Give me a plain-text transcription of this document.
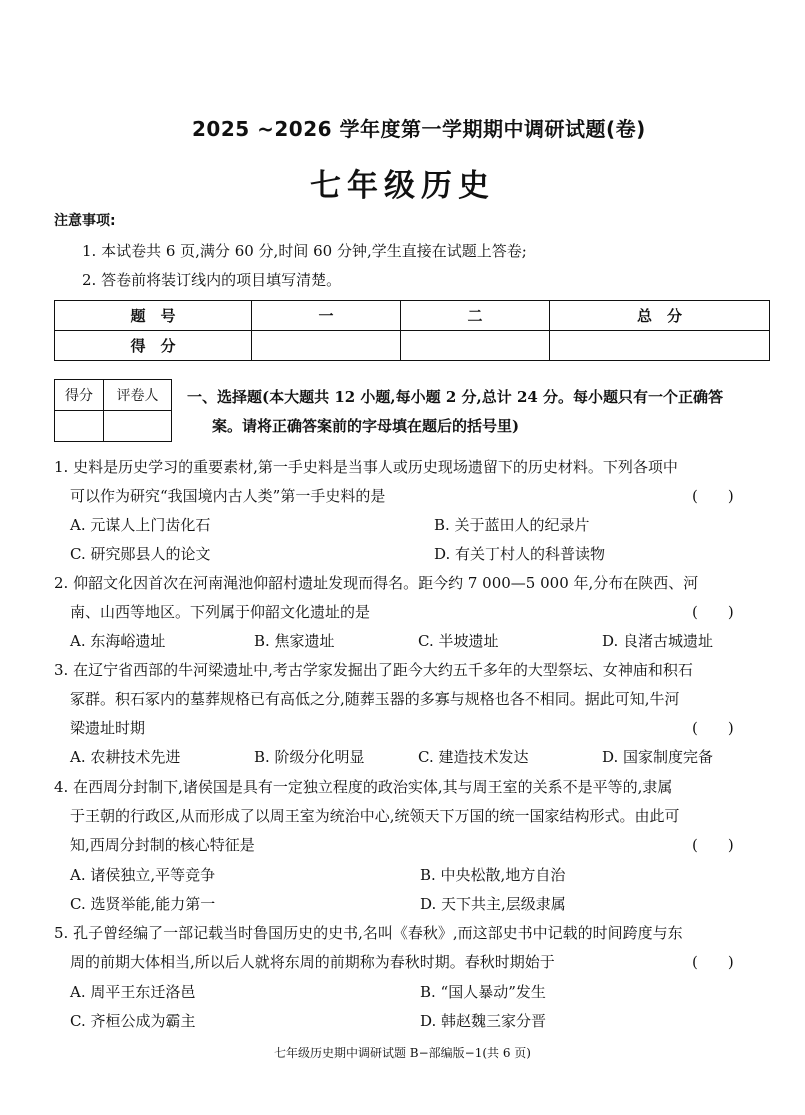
2025 ~2026 学年度第一学期期中调研试题(卷)
七年级历史
注意事项:
1. 本试卷共 6 页,满分 60 分,时间 60 分钟,学生直接在试题上答卷;
2. 答卷前将装订线内的项目填写清楚。
题　号	一	二	总　分
得　分			
得分	评卷人
	一、选择题(本大题共 12 小题,每小题 2 分,总计 24 分。每小题只有一个正确答
案。请将正确答案前的字母填在题后的括号里)
1. 史料是历史学习的重要素材,第一手史料是当事人或历史现场遗留下的历史材料。下列各项中
可以作为研究“我国境内古人类”第一手史料的是	(　　)
A. 元谋人上门齿化石	B. 关于蓝田人的纪录片
C. 研究郧县人的论文	D. 有关丁村人的科普读物
2. 仰韶文化因首次在河南渑池仰韶村遗址发现而得名。距今约 7 000—5 000 年,分布在陕西、河
南、山西等地区。下列属于仰韶文化遗址的是	(　　)
A. 东海峪遗址	B. 焦家遗址	C. 半坡遗址	D. 良渚古城遗址
3. 在辽宁省西部的牛河梁遗址中,考古学家发掘出了距今大约五千多年的大型祭坛、女神庙和积石
冢群。积石冢内的墓葬规格已有高低之分,随葬玉器的多寡与规格也各不相同。据此可知,牛河
梁遗址时期	(　　)
A. 农耕技术先进	B. 阶级分化明显	C. 建造技术发达	D. 国家制度完备
4. 在西周分封制下,诸侯国是具有一定独立程度的政治实体,其与周王室的关系不是平等的,隶属
于王朝的行政区,从而形成了以周王室为统治中心,统领天下万国的统一国家结构形式。由此可
知,西周分封制的核心特征是	(　　)
A. 诸侯独立,平等竞争	B. 中央松散,地方自治
C. 选贤举能,能力第一	D. 天下共主,层级隶属
5. 孔子曾经编了一部记载当时鲁国历史的史书,名叫《春秋》,而这部史书中记载的时间跨度与东
周的前期大体相当,所以后人就将东周的前期称为春秋时期。春秋时期始于	(　　)
A. 周平王东迁洛邑	B. “国人暴动”发生
C. 齐桓公成为霸主	D. 韩赵魏三家分晋
七年级历史期中调研试题 B−部编版−1(共 6 页)
